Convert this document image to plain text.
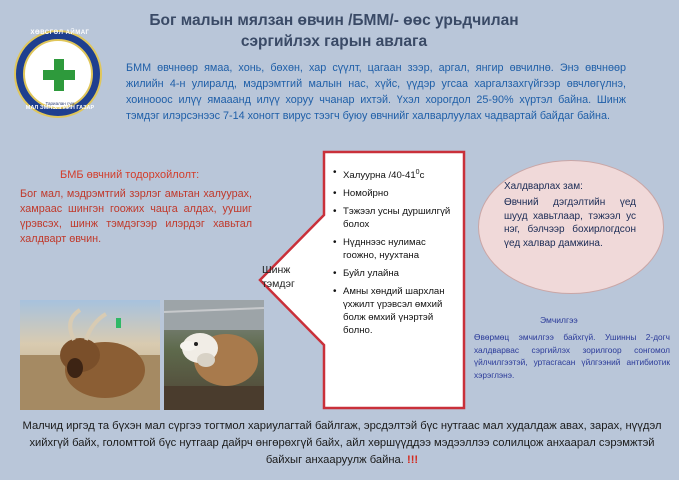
ХӨВСГӨЛ АЙМАГ
Тариалан сум
МАЛ ЭМНЭЛГИЙН ГАЗАР
Бог малын мялзан өвчин /БММ/- өөс урьдчилан сэргийлэх гарын авлага
БММ өвчнөөр ямаа, хонь, бөхөн, хар сүүлт, цагаан зээр, аргал, янгир өвчилнө. Энэ өвчнөөр жилийн 4-н улиралд, мэдрэмтгий малын нас, хүйс, үүдэр угсаа харгалзахгүйгээр өвчлөгүлнэ, хоинооос илүү ямааанд илүү хоруу ччанар ихтэй. Үхэл хорогдол 25-90% хүртэл байна. Шинж тэмдэг илэрсэнээс 7-14 хоногт вирус тээгч буюу өвчнийг халварлуулах чадвартай байдаг байна.
БМБ өвчний тодорхойлолт:
Бог мал, мэдрэмтгий зэрлэг амьтан халуурах, хамраас шингэн гоожих чацга алдах, уушиг үрэвсэх, шинж тэмдэгээр илэрдэг хавьтал халдварт өвчин.
Шинж тэмдэг
• Халуурна $/40-41^0с$
• Номойрно
• Тэжээл усны дуршилгүй болох
• Нүдннээс нулимас гоожно, нуухтана
• Буйл улайна
• Амны хөндий шархлан үхжилт үрэвсэл өмхий болж өмхий үнэртэй болно.
Халдварлах зам:
Өвчний дэгдэлтийн үед шууд хавьтлаар, тэжээл ус нэг, бэлчээр бохирлогдсон үед халвар дамжина.
Эмчилгээ
Өвөрмөц эмчилгээ байхгүй. Ушинны 2-догч халдварвас сэргийлэх зорилгоор сонгомол үйлчилгээтэй, уртасгасан үйлгээний антибиотик хэрэглэнэ.
Малчид иргэд та бүхэн мал сүргээ тогтмол хариулагтай байлгаж, эрсдэлтэй бүс нутгаас мал худалдаж авах, зарах, нүүдэл хийхгүй байх, голомттой бүс нутгаар дайрч өнгөрөхгүй байх, айл хөршүүддээ мэдээллээ солилцож анхаарал сэрэмжтэй байхыг анхааруулж байна. !!!
